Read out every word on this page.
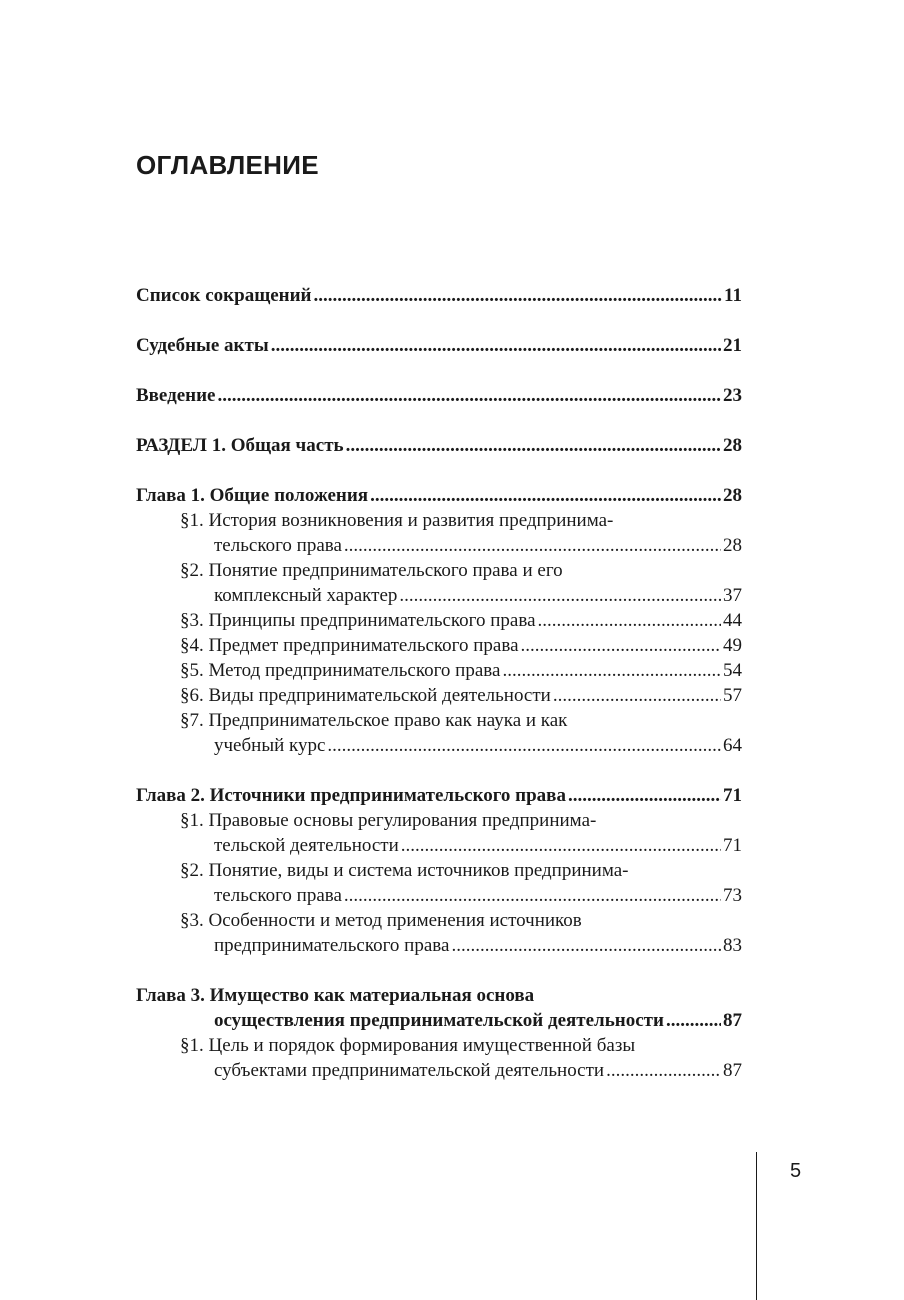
ОГЛАВЛЕНИЕ
Список сокращений .....	11
Судебные акты .....	21
Введение .....	23
РАЗДЕЛ 1. Общая часть .....	28
Глава 1. Общие положения .....	28
§1. История возникновения и развития предпринима-
тельского права .....	28
§2. Понятие предпринимательского права и его
комплексный характер .....	37
§3. Принципы предпринимательского права .....	44
§4. Предмет предпринимательского права .....	49
§5. Метод предпринимательского права .....	54
§6. Виды предпринимательской деятельности .....	57
§7. Предпринимательское право как наука и как
учебный курс .....	64
Глава 2. Источники предпринимательского права .....	71
§1. Правовые основы регулирования предпринима-
тельской деятельности .....	71
§2. Понятие, виды и система источников предпринима-
тельского права .....	73
§3. Особенности и метод применения источников
предпринимательского права .....	83
Глава 3. Имущество как материальная основа
осуществления предпринимательской деятельности .....	87
§1. Цель и порядок формирования имущественной базы
субъектами предпринимательской деятельности .....	87
5
